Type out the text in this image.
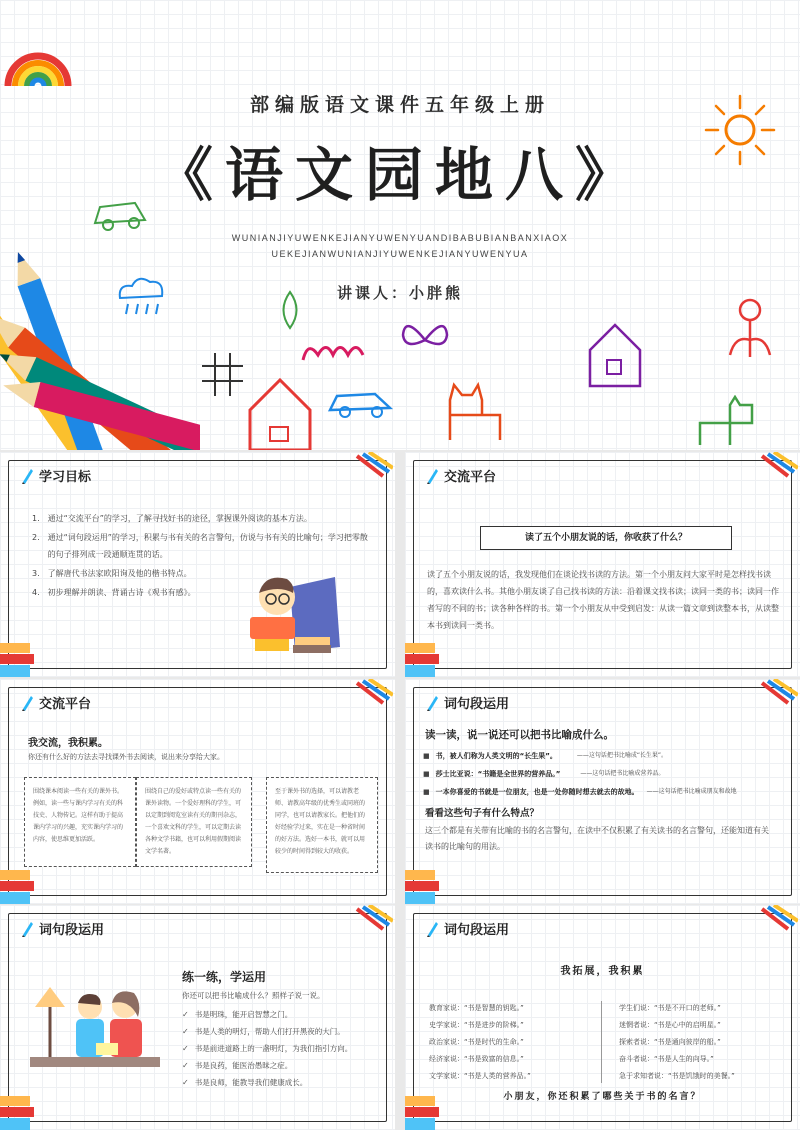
部编版语文课件五年级上册
《语文园地八》
WUNIANJIYUWENKEJIANYUWENYUANDIBABUBIANBANXIAOX
UEKEJIANWUNIANJIYUWENKEJIANYUWENYUA
讲课人：小胖熊
学习目标
1. 通过“交流平台”的学习，了解寻找好书的途径，掌握课外阅读的基本方法。
2. 通过“词句段运用”的学习，积累与书有关的名言警句，仿说与书有关的比喻句；学习把零散的句子排列成一段通顺连贯的话。
3. 了解唐代书法家欧阳询及他的楷书特点。
4. 初步理解并朗读、背诵古诗《观书有感》。
交流平台
读了五个小朋友说的话，你收获了什么？
读了五个小朋友说的话，我发现他们在谈论找书读的方法。第一个小朋友问大家平时是怎样找书读的，喜欢读什么书。其他小朋友谈了自己找书读的方法：沿着课文找书读；读同一类的书；读同一作者写的不同的书；读各种各样的书。第一个小朋友从中受到启发：从读一篇文章到读整本书，从读整本书到读同一类书。
交流平台
我交流，我积累。
你还有什么好的方法去寻找课外书去阅读，说出来分享给大家。
围绕课本阅读一些有关的课外书。例如，读一些与课内学习有关的科技史、人物传记。这样有助于提高课内学习的兴趣，充实课内学习的内容，使思维更加活跃。
围绕自己的爱好或特点读一些有关的课外读物。一个爱好理科的学生，可以定期到阅览室读有关的期刊杂志，一个喜欢文科的学生，可以定期去读各种文学书籍，也可以利用假期阅读文学名著。
至于课外书的选择，可以请教老师、请教高年级的优秀生或同班的同学，也可以请教家长。把他们的好经验学过来，实在是一种省时间的好方法。选好一本书，就可以用较少的时间得到较大的收获。
词句段运用
读一读，说一说还可以把书比喻成什么。
■ 书，被人们称为人类文明的“长生果”。	——这句话把书比喻成“长生果”。
■ 莎士比亚说：“书籍是全世界的营养品。”	——这句话把书比喻成营养品。
■ 一本你喜爱的书就是一位朋友，也是一处你随时想去就去的故地。 ——这句话把书比喻成朋友和故地
看看这些句子有什么特点？
这三个都是有关带有比喻的书的名言警句，在读中不仅积累了有关读书的名言警句，还能知道有关读书的比喻句的用法。
词句段运用
练一练，学运用
你还可以把书比喻成什么？照样子说一说。
✓ 书是明珠，能开启智慧之门。
✓ 书是人类的明灯，帮助人们打开黑夜的大门。
✓ 书是前进道路上的一盏明灯，为我们指引方向。
✓ 书是良药，能医治愚昧之症。
✓ 书是良师，能教导我们健康成长。
词句段运用
我拓展，我积累
教育家说：“书是智慧的钥匙。”
史学家说：“书是进步的阶梯。”
政治家说：“书是时代的生命。”
经济家说：“书是致富的信息。”
文学家说：“书是人类的营养品。”
学生们说：“书是不开口的老师。”
迷惘者说：“书是心中的启明星。”
探索者说：“书是通向彼岸的船。”
奋斗者说：“书是人生的向导。”
急于求知者说：“书是饥饿时的美餐。”
小朋友，你还积累了哪些关于书的名言？
